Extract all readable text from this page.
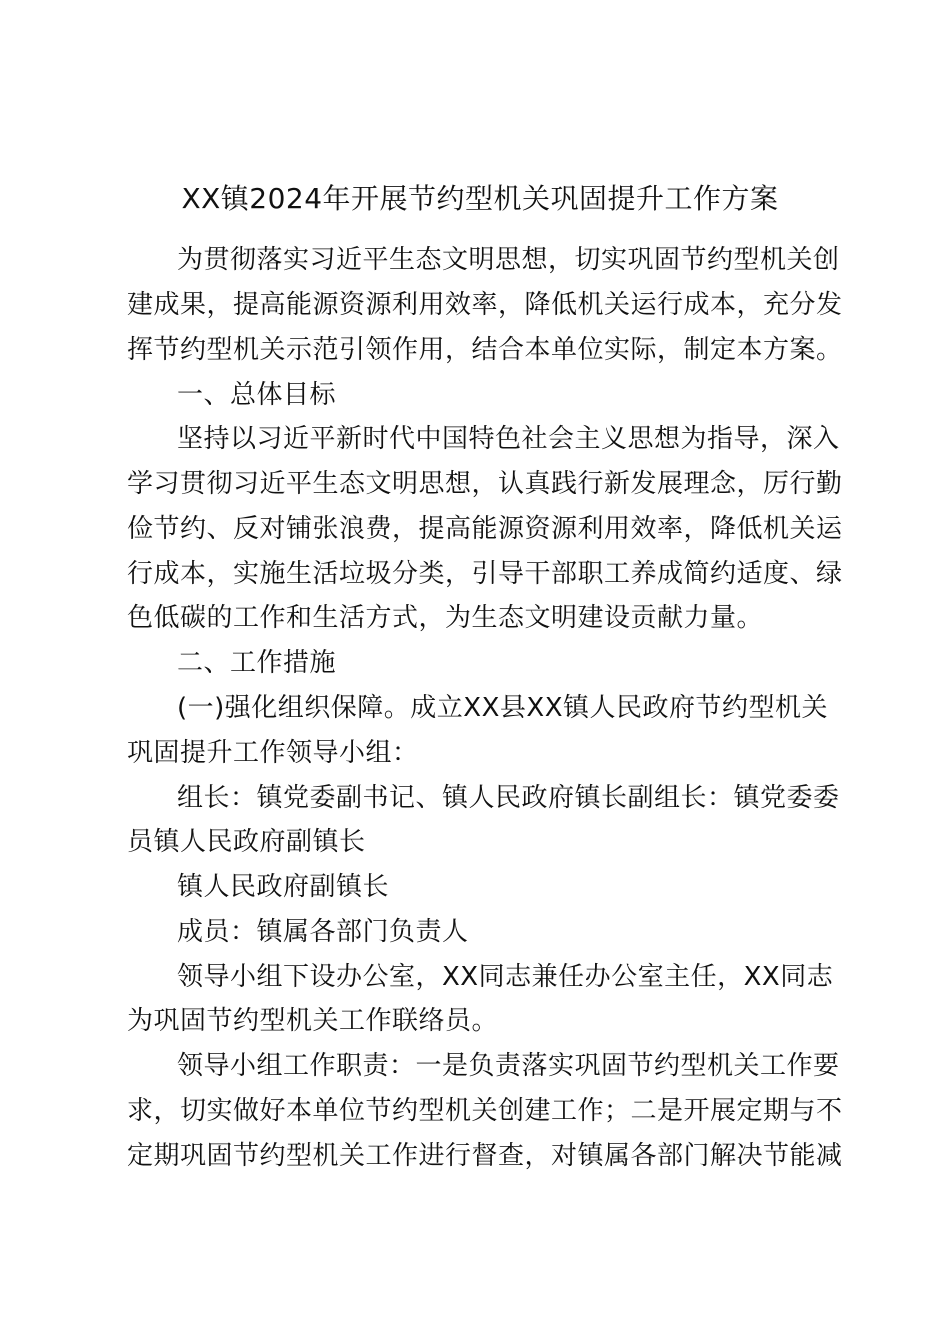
XX镇2024年开展节约型机关巩固提升工作方案
为贯彻落实习近平生态文明思想，切实巩固节约型机关创
建成果，提高能源资源利用效率，降低机关运行成本，充分发
挥节约型机关示范引领作用，结合本单位实际，制定本方案。
一、总体目标
坚持以习近平新时代中国特色社会主义思想为指导，深入
学习贯彻习近平生态文明思想，认真践行新发展理念，厉行勤
俭节约、反对铺张浪费，提高能源资源利用效率，降低机关运
行成本，实施生活垃圾分类，引导干部职工养成简约适度、绿
色低碳的工作和生活方式，为生态文明建设贡献力量。
二、工作措施
(一)强化组织保障。成立XX县XX镇人民政府节约型机关
巩固提升工作领导小组：
组长：镇党委副书记、镇人民政府镇长副组长：镇党委委
员镇人民政府副镇长
镇人民政府副镇长
成员：镇属各部门负责人
领导小组下设办公室，XX同志兼任办公室主任，XX同志
为巩固节约型机关工作联络员。
领导小组工作职责：一是负责落实巩固节约型机关工作要
求，切实做好本单位节约型机关创建工作；二是开展定期与不
定期巩固节约型机关工作进行督查，对镇属各部门解决节能减
